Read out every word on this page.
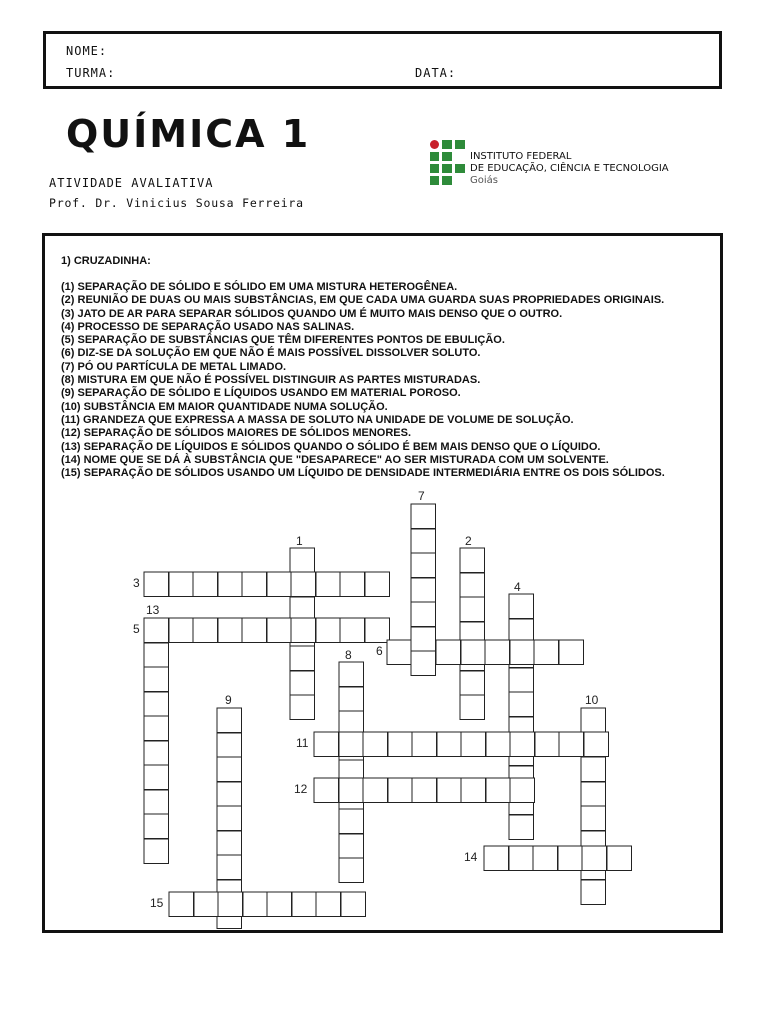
NOME:
TURMA:	DATA:
QUÍMICA 1
ATIVIDADE AVALIATIVA
Prof. Dr. Vinicius Sousa Ferreira
INSTITUTO FEDERAL
DE EDUCAÇÃO, CIÊNCIA E TECNOLOGIA
Goiás
1) CRUZADINHA:
(1) SEPARAÇÃO DE SÓLIDO E SÓLIDO EM UMA MISTURA HETEROGÊNEA.
(2) REUNIÃO DE DUAS OU MAIS SUBSTÂNCIAS, EM QUE CADA UMA GUARDA SUAS PROPRIEDADES ORIGINAIS.
(3) JATO DE AR PARA SEPARAR SÓLIDOS QUANDO UM É MUITO MAIS DENSO QUE O OUTRO.
(4) PROCESSO DE SEPARAÇÃO USADO NAS SALINAS.
(5) SEPARAÇÃO DE SUBSTÂNCIAS QUE TÊM DIFERENTES PONTOS DE EBULIÇÃO.
(6) DIZ-SE DA SOLUÇÃO EM QUE NÃO É MAIS POSSÍVEL DISSOLVER SOLUTO.
(7) PÓ OU PARTÍCULA DE METAL LIMADO.
(8) MISTURA EM QUE NÃO É POSSÍVEL DISTINGUIR AS PARTES MISTURADAS.
(9) SEPARAÇÃO DE SÓLIDO E LÍQUIDOS USANDO EM MATERIAL POROSO.
(10) SUBSTÂNCIA EM MAIOR QUANTIDADE NUMA SOLUÇÃO.
(11) GRANDEZA QUE EXPRESSA A MASSA DE SOLUTO NA UNIDADE DE VOLUME DE SOLUÇÃO.
(12) SEPARAÇÃO DE SÓLIDOS MAIORES DE SÓLIDOS MENORES.
(13) SEPARAÇÃO DE LÍQUIDOS E SÓLIDOS QUANDO O SÓLIDO É BEM MAIS DENSO QUE O LÍQUIDO.
(14) NOME QUE SE DÁ À SUBSTÂNCIA QUE "DESAPARECE" AO SER MISTURADA COM UM SOLVENTE.
(15) SEPARAÇÃO DE SÓLIDOS USANDO UM LÍQUIDO DE DENSIDADE INTERMEDIÁRIA ENTRE OS DOIS SÓLIDOS.
1	2
3	4
5
6
7
8
9	10
11
12
13
14
15
